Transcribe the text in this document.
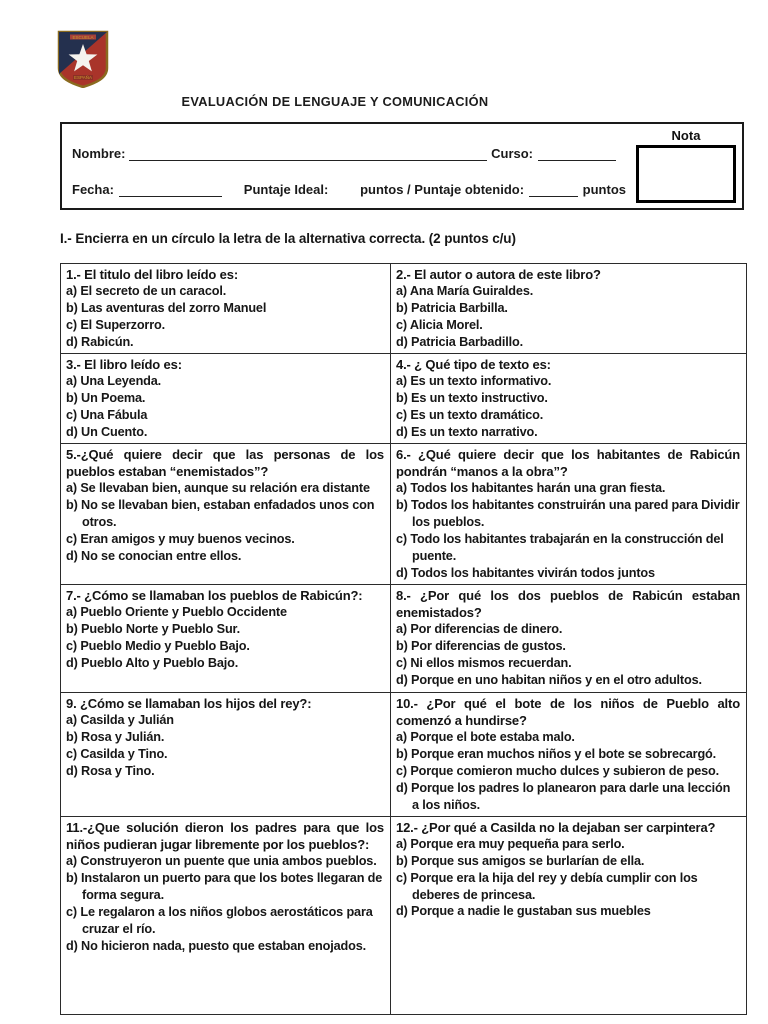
ESCUELA
ESPAÑA
EVALUACIÓN DE LENGUAJE Y COMUNICACIÓN
Nombre:	Curso:
Fecha:	Puntaje Ideal: puntos / Puntaje obtenido:	puntos
Nota
I.- Encierra en un círculo la letra de la alternativa correcta. (2 puntos c/u)
1.- El titulo del libro leído es:
a) El secreto de un caracol.
b) Las aventuras del zorro Manuel
c) El Superzorro.
d) Rabicún.

2.- El autor o autora de este libro?
a) Ana María Guiraldes.
b) Patricia Barbilla.
c) Alicia Morel.
d) Patricia Barbadillo.

3.- El libro leído es:
a) Una Leyenda.
b) Un Poema.
c) Una Fábula
d) Un Cuento.

4.- ¿ Qué tipo de texto es:
a) Es un texto informativo.
b) Es un texto instructivo.
c) Es un texto dramático.
d) Es un texto narrativo.

5.-¿Qué quiere decir que las personas de los pueblos estaban “enemistados”?
a) Se llevaban bien, aunque su relación era distante
b) No se llevaban bien, estaban enfadados unos con otros.
c) Eran amigos y muy buenos vecinos.
d) No se conocian entre ellos.

6.- ¿Qué quiere decir que los habitantes de Rabicún pondrán “manos a la obra”?
a) Todos los habitantes harán una gran fiesta.
b) Todos los habitantes construirán una pared para Dividir los pueblos.
c) Todo los habitantes trabajarán en la construcción del puente.
d) Todos los habitantes vivirán todos juntos

7.- ¿Cómo se llamaban los pueblos de Rabicún?:
a) Pueblo Oriente y Pueblo Occidente
b) Pueblo Norte y Pueblo Sur.
c) Pueblo Medio y Pueblo Bajo.
d) Pueblo Alto y Pueblo Bajo.

8.- ¿Por qué los dos pueblos de Rabicún estaban enemistados?
a) Por diferencias de dinero.
b) Por diferencias de gustos.
c) Ni ellos mismos recuerdan.
d) Porque en uno habitan niños y en el otro adultos.

9. ¿Cómo se llamaban los hijos del rey?:
a) Casilda y Julián
b) Rosa y Julián.
c) Casilda y Tino.
d) Rosa y Tino.

10.- ¿Por qué el bote de los niños de Pueblo alto comenzó a hundirse?
a) Porque el bote estaba malo.
b) Porque eran muchos niños y el bote se sobrecargó.
c) Porque comieron mucho dulces y subieron de peso.
d) Porque los padres lo planearon para darle una lección a los niños.

11.-¿Que solución dieron los padres para que los niños pudieran jugar libremente por los pueblos?:
a) Construyeron un puente que unia ambos pueblos.
b) Instalaron un puerto para que los botes llegaran de forma segura.
c) Le regalaron a los niños globos aerostáticos para cruzar el río.
d) No hicieron nada, puesto que estaban enojados.

12.- ¿Por qué a Casilda no la dejaban ser carpintera?
a) Porque era muy pequeña para serlo.
b) Porque sus amigos se burlarían de ella.
c) Porque era la hija del rey y debía cumplir con los deberes de princesa.
d) Porque a nadie le gustaban sus muebles
